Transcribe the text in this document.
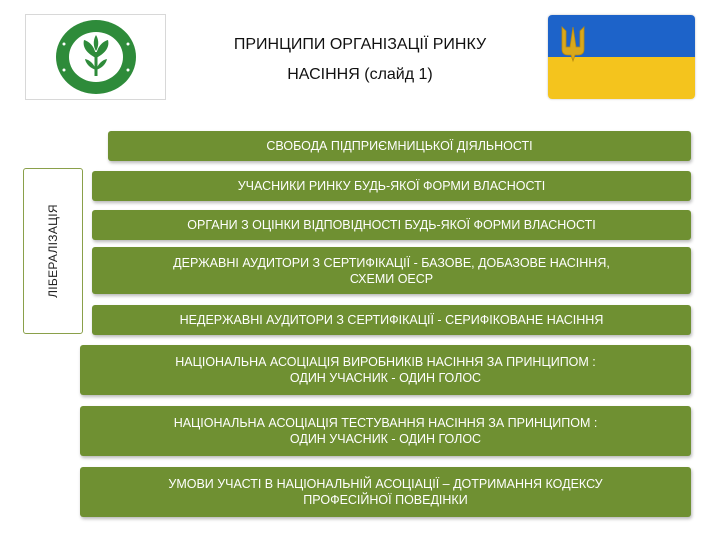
ПРИНЦИПИ ОРГАНІЗАЦІЇ РИНКУ
НАСІННЯ (слайд 1)
ЛІБЕРАЛІЗАЦІЯ
СВОБОДА ПІДПРИЄМНИЦЬКОЇ ДІЯЛЬНОСТІ
УЧАСНИКИ РИНКУ БУДЬ-ЯКОЇ ФОРМИ ВЛАСНОСТІ
ОРГАНИ З ОЦІНКИ ВІДПОВІДНОСТІ БУДЬ-ЯКОЇ ФОРМИ ВЛАСНОСТІ
ДЕРЖАВНІ АУДИТОРИ З СЕРТИФІКАЦІЇ - БАЗОВЕ, ДОБАЗОВЕ НАСІННЯ,
СХЕМИ ОЕСР
НЕДЕРЖАВНІ АУДИТОРИ З СЕРТИФІКАЦІЇ - СЕРИФІКОВАНЕ НАСІННЯ
НАЦІОНАЛЬНА АСОЦІАЦІЯ ВИРОБНИКІВ НАСІННЯ ЗА ПРИНЦИПОМ :
ОДИН УЧАСНИК - ОДИН ГОЛОС
НАЦІОНАЛЬНА АСОЦІАЦІЯ ТЕСТУВАННЯ НАСІННЯ ЗА ПРИНЦИПОМ :
ОДИН УЧАСНИК - ОДИН ГОЛОС
УМОВИ УЧАСТІ В НАЦІОНАЛЬНІЙ АСОЦІАЦІЇ – ДОТРИМАННЯ КОДЕКСУ
ПРОФЕСІЙНОЇ ПОВЕДІНКИ
